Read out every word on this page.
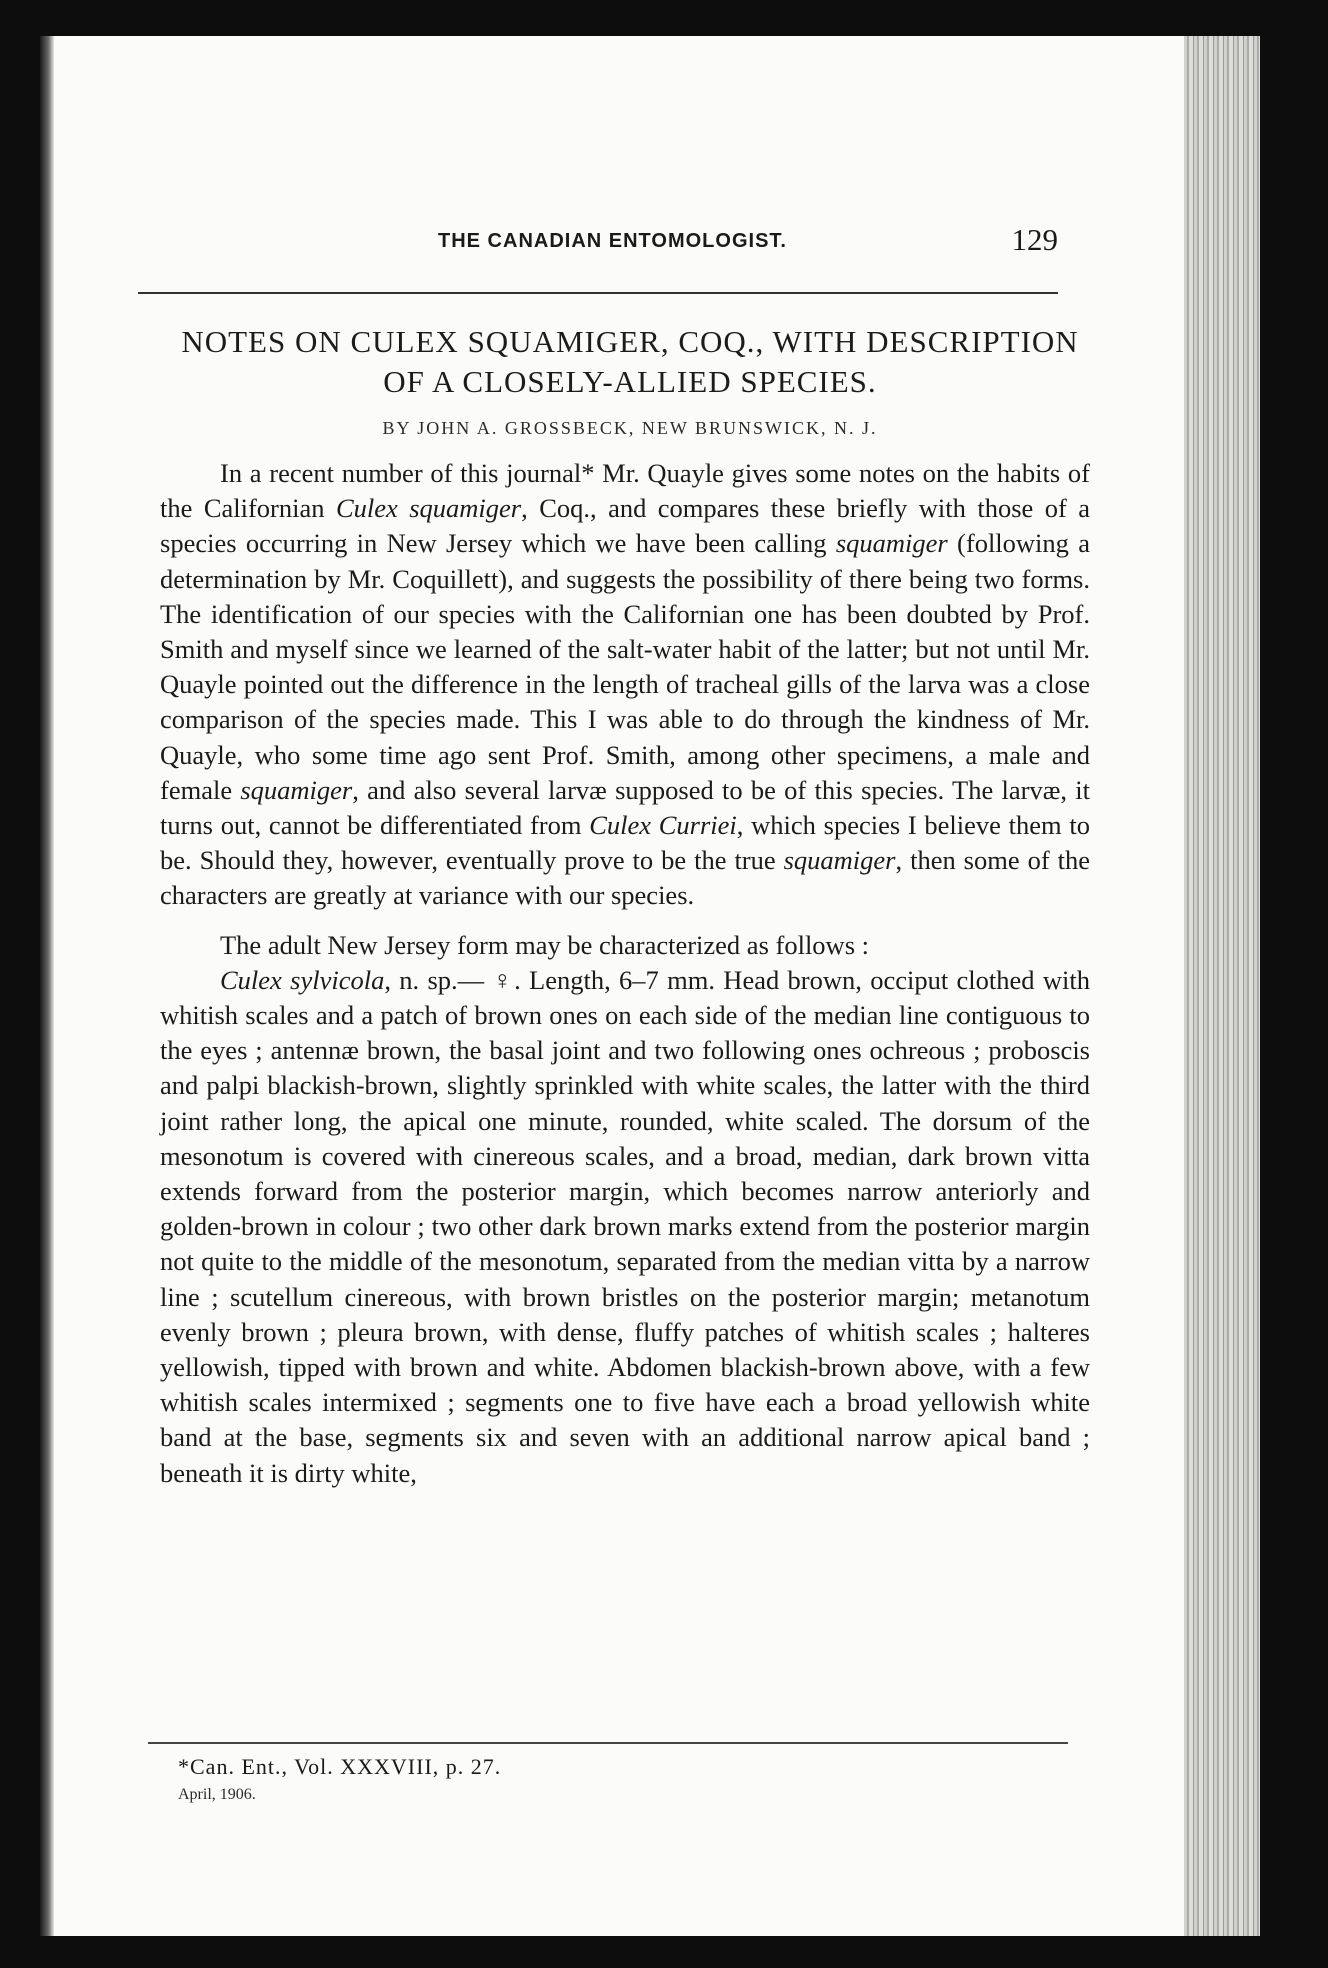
THE CANADIAN ENTOMOLOGIST.	129
NOTES ON CULEX SQUAMIGER, COQ., WITH DESCRIPTION
OF A CLOSELY-ALLIED SPECIES.
BY JOHN A. GROSSBECK, NEW BRUNSWICK, N. J.

In a recent number of this journal* Mr. Quayle gives some notes on the habits of the Californian Culex squamiger, Coq., and compares these briefly with those of a species occurring in New Jersey which we have been calling squamiger (following a determination by Mr. Coquillett), and suggests the possibility of there being two forms. The identification of our species with the Californian one has been doubted by Prof. Smith and myself since we learned of the salt-water habit of the latter; but not until Mr. Quayle pointed out the difference in the length of tracheal gills of the larva was a close comparison of the species made. This I was able to do through the kindness of Mr. Quayle, who some time ago sent Prof. Smith, among other specimens, a male and female squamiger, and also several larvæ supposed to be of this species. The larvæ, it turns out, cannot be differentiated from Culex Curriei, which species I believe them to be. Should they, however, eventually prove to be the true squamiger, then some of the characters are greatly at variance with our species.

The adult New Jersey form may be characterized as follows :

Culex sylvicola, n. sp.— ♀. Length, 6–7 mm. Head brown, occiput clothed with whitish scales and a patch of brown ones on each side of the median line contiguous to the eyes ; antennæ brown, the basal joint and two following ones ochreous ; proboscis and palpi blackish-brown, slightly sprinkled with white scales, the latter with the third joint rather long, the apical one minute, rounded, white scaled. The dorsum of the mesonotum is covered with cinereous scales, and a broad, median, dark brown vitta extends forward from the posterior margin, which becomes narrow anteriorly and golden-brown in colour ; two other dark brown marks extend from the posterior margin not quite to the middle of the mesonotum, separated from the median vitta by a narrow line ; scutellum cinereous, with brown bristles on the posterior margin; metanotum evenly brown ; pleura brown, with dense, fluffy patches of whitish scales ; halteres yellowish, tipped with brown and white. Abdomen blackish-brown above, with a few whitish scales intermixed ; segments one to five have each a broad yellowish white band at the base, segments six and seven with an additional narrow apical band ; beneath it is dirty white,

*Can. Ent., Vol. XXXVIII, p. 27.
April, 1906.
